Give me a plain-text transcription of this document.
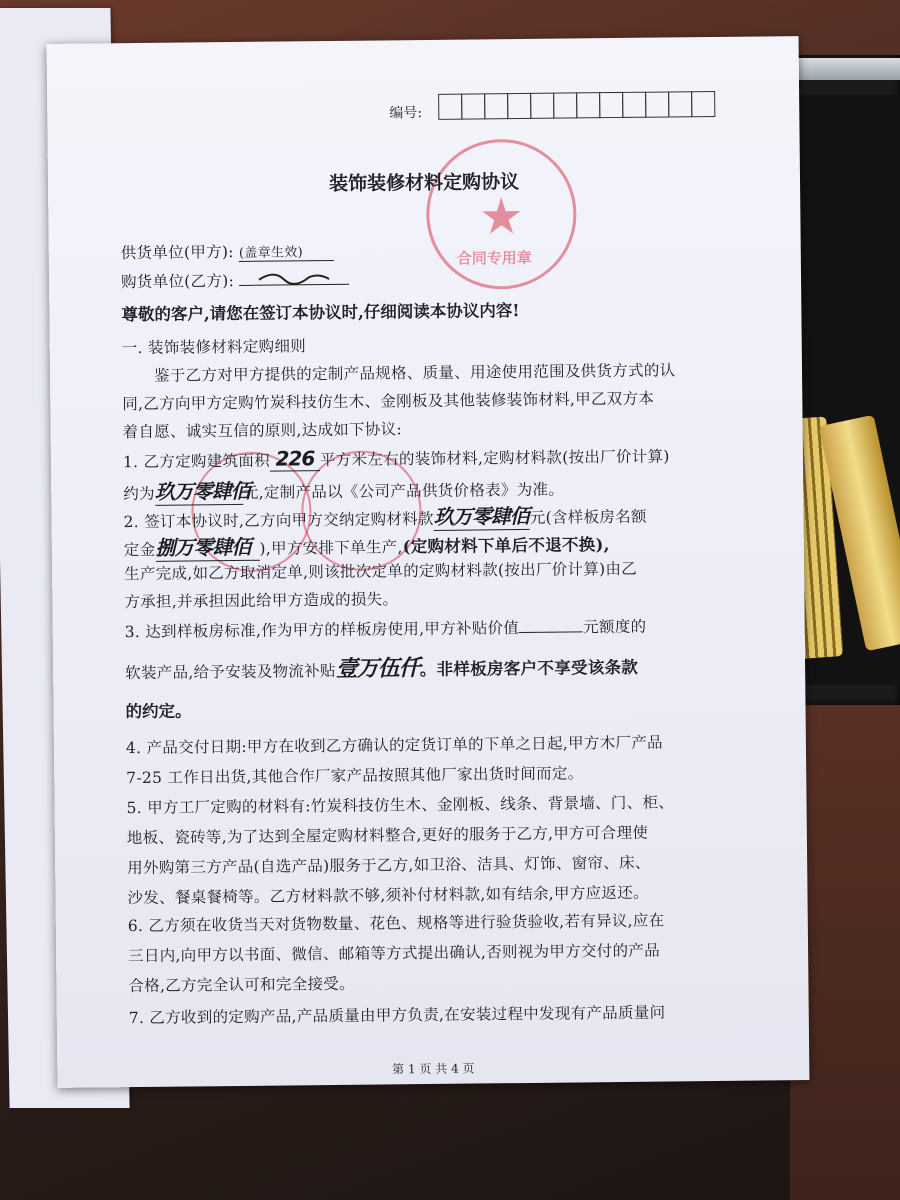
编号:
合同专用章
装饰装修材料定购协议
供货单位(甲方): (盖章生效)
购货单位(乙方):
尊敬的客户,请您在签订本协议时,仔细阅读本协议内容!
一. 装饰装修材料定购细则
鉴于乙方对甲方提供的定制产品规格、质量、用途使用范围及供货方式的认
同,乙方向甲方定购竹炭科技仿生木、金刚板及其他装修装饰材料,甲乙双方本
着自愿、诚实互信的原则,达成如下协议:
1. 乙方定购建筑面积 226 平方米左右的装饰材料,定购材料款(按出厂价计算)
约为玖万零肆佰元,定制产品以《公司产品供货价格表》为准。
2. 签订本协议时,乙方向甲方交纳定购材料款玖万零肆佰元(含样板房名额
定金捌万零肆佰 ),甲方安排下单生产,(定购材料下单后不退不换),
生产完成,如乙方取消定单,则该批次定单的定购材料款(按出厂价计算)由乙
方承担,并承担因此给甲方造成的损失。
3. 达到样板房标准,作为甲方的样板房使用,甲方补贴价值	元额度的
软装产品,给予安装及物流补贴壹万伍仟。非样板房客户不享受该条款
的约定。
4. 产品交付日期:甲方在收到乙方确认的定货订单的下单之日起,甲方木厂产品
7-25 工作日出货,其他合作厂家产品按照其他厂家出货时间而定。
5. 甲方工厂定购的材料有:竹炭科技仿生木、金刚板、线条、背景墙、门、柜、
地板、瓷砖等,为了达到全屋定购材料整合,更好的服务于乙方,甲方可合理使
用外购第三方产品(自选产品)服务于乙方,如卫浴、洁具、灯饰、窗帘、床、
沙发、餐桌餐椅等。乙方材料款不够,须补付材料款,如有结余,甲方应返还。
6. 乙方须在收货当天对货物数量、花色、规格等进行验货验收,若有异议,应在
三日内,向甲方以书面、微信、邮箱等方式提出确认,否则视为甲方交付的产品
合格,乙方完全认可和完全接受。
7. 乙方收到的定购产品,产品质量由甲方负责,在安装过程中发现有产品质量问
第 1 页 共 4 页
